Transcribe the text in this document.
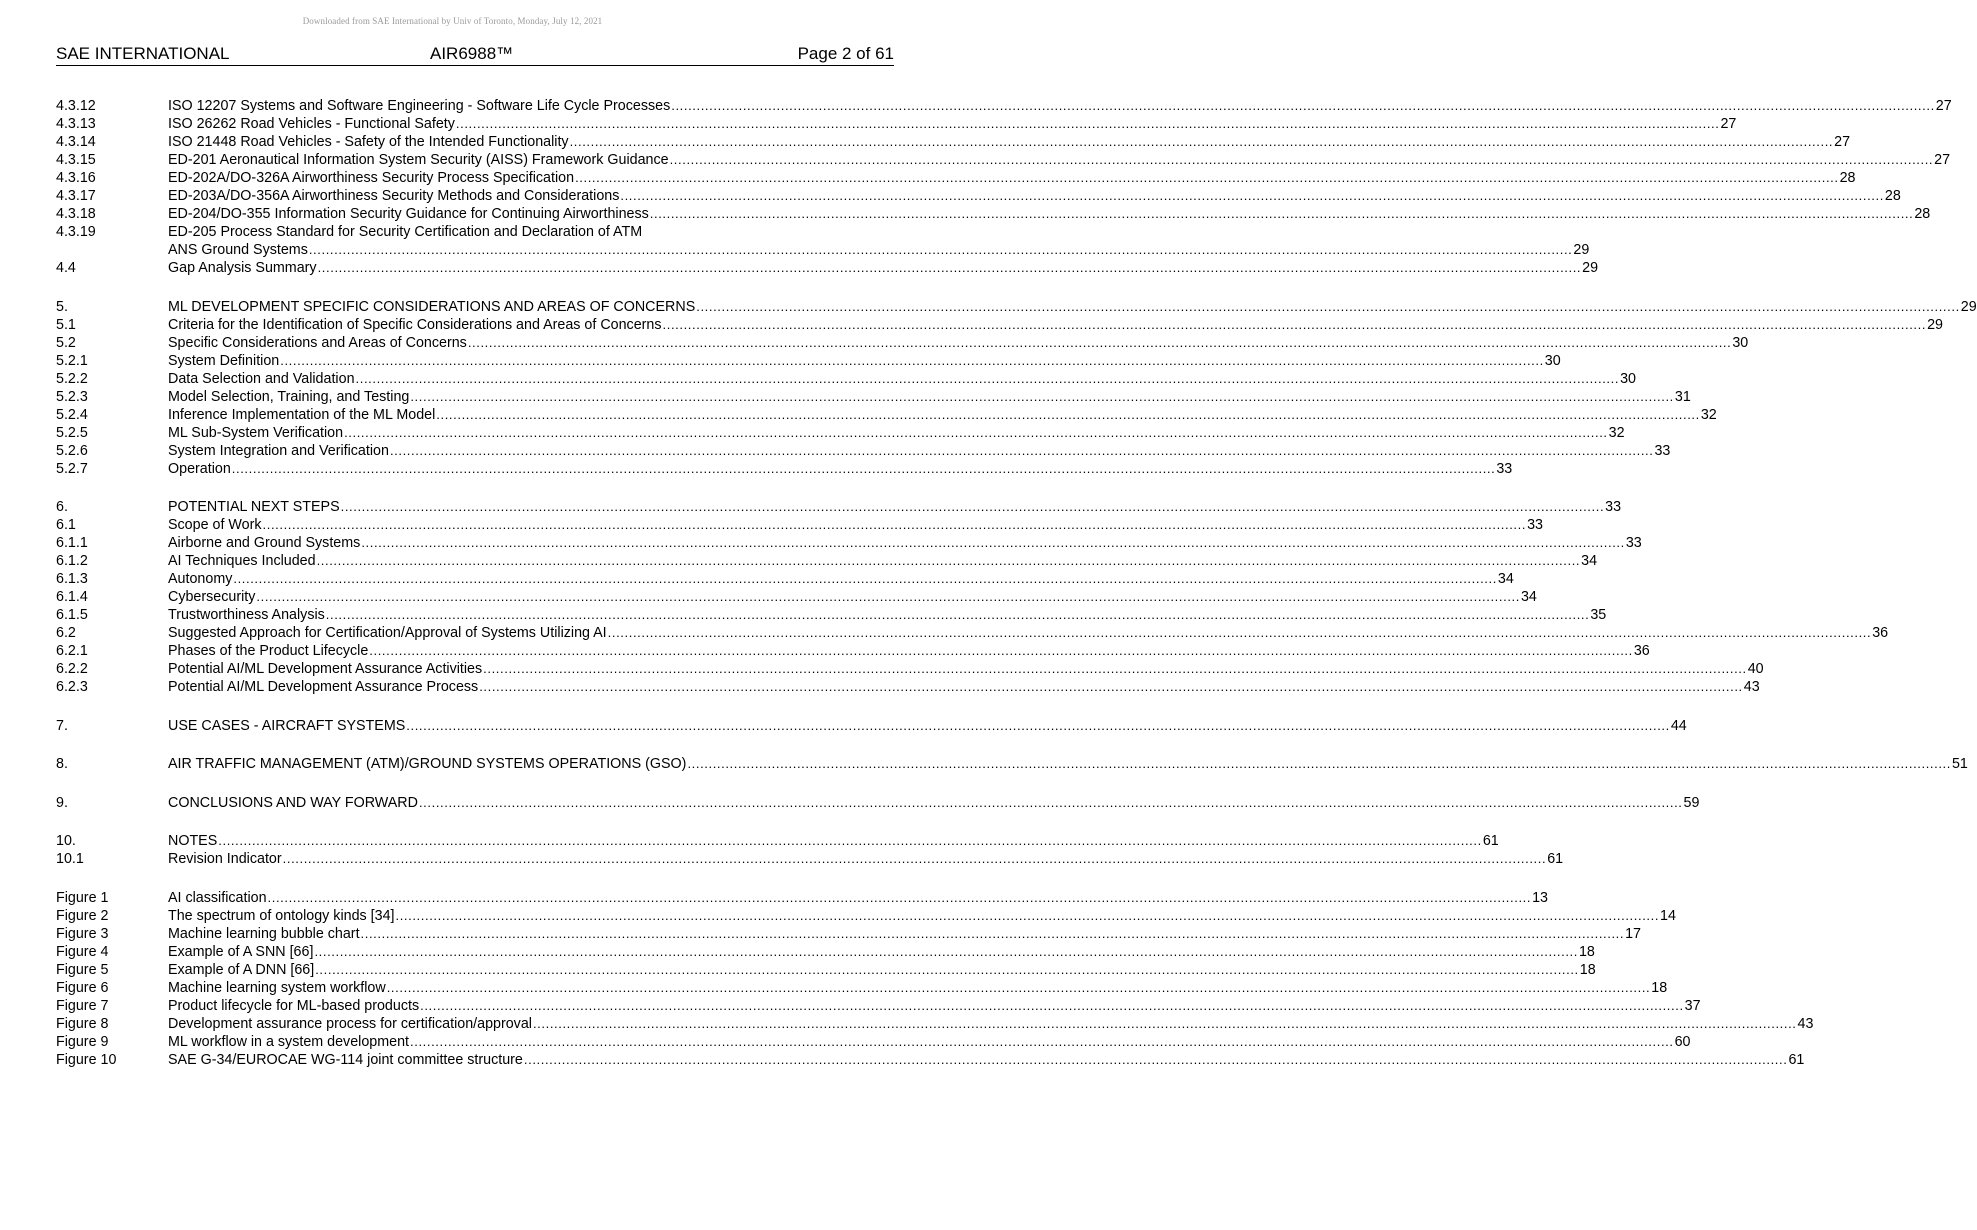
Downloaded from SAE International by Univ of Toronto, Monday, July 12, 2021
SAE INTERNATIONAL	AIR6988™	Page 2 of 61
4.3.12	ISO 12207 Systems and Software Engineering - Software Life Cycle Processes ............................................................................................................................................................................................................................................................................................................ 27
4.3.13	ISO 26262 Road Vehicles - Functional Safety ............................................................................................................................................................................................................................................................................................................ 27
4.3.14	ISO 21448 Road Vehicles - Safety of the Intended Functionality ............................................................................................................................................................................................................................................................................................................ 27
4.3.15	ED-201 Aeronautical Information System Security (AISS) Framework Guidance ............................................................................................................................................................................................................................................................................................................ 27
4.3.16	ED-202A/DO-326A Airworthiness Security Process Specification ............................................................................................................................................................................................................................................................................................................ 28
4.3.17	ED-203A/DO-356A Airworthiness Security Methods and Considerations ............................................................................................................................................................................................................................................................................................................ 28
4.3.18	ED-204/DO-355 Information Security Guidance for Continuing Airworthiness ............................................................................................................................................................................................................................................................................................................ 28
4.3.19	ED-205 Process Standard for Security Certification and Declaration of ATM
ANS Ground Systems ............................................................................................................................................................................................................................................................................................................ 29
4.4	Gap Analysis Summary ............................................................................................................................................................................................................................................................................................................ 29
5.	ML DEVELOPMENT SPECIFIC CONSIDERATIONS AND AREAS OF CONCERNS ............................................................................................................................................................................................................................................................................................................ 29
5.1	Criteria for the Identification of Specific Considerations and Areas of Concerns ............................................................................................................................................................................................................................................................................................................ 29
5.2	Specific Considerations and Areas of Concerns ............................................................................................................................................................................................................................................................................................................ 30
5.2.1	System Definition ............................................................................................................................................................................................................................................................................................................ 30
5.2.2	Data Selection and Validation ............................................................................................................................................................................................................................................................................................................ 30
5.2.3	Model Selection, Training, and Testing ............................................................................................................................................................................................................................................................................................................ 31
5.2.4	Inference Implementation of the ML Model ............................................................................................................................................................................................................................................................................................................ 32
5.2.5	ML Sub-System Verification ............................................................................................................................................................................................................................................................................................................ 32
5.2.6	System Integration and Verification ............................................................................................................................................................................................................................................................................................................ 33
5.2.7	Operation ............................................................................................................................................................................................................................................................................................................ 33
6.	POTENTIAL NEXT STEPS ............................................................................................................................................................................................................................................................................................................ 33
6.1	Scope of Work ............................................................................................................................................................................................................................................................................................................ 33
6.1.1	Airborne and Ground Systems ............................................................................................................................................................................................................................................................................................................ 33
6.1.2	AI Techniques Included ............................................................................................................................................................................................................................................................................................................ 34
6.1.3	Autonomy ............................................................................................................................................................................................................................................................................................................ 34
6.1.4	Cybersecurity ............................................................................................................................................................................................................................................................................................................ 34
6.1.5	Trustworthiness Analysis ............................................................................................................................................................................................................................................................................................................ 35
6.2	Suggested Approach for Certification/Approval of Systems Utilizing AI ............................................................................................................................................................................................................................................................................................................ 36
6.2.1	Phases of the Product Lifecycle ............................................................................................................................................................................................................................................................................................................ 36
6.2.2	Potential AI/ML Development Assurance Activities ............................................................................................................................................................................................................................................................................................................ 40
6.2.3	Potential AI/ML Development Assurance Process ............................................................................................................................................................................................................................................................................................................ 43
7.	USE CASES - AIRCRAFT SYSTEMS ............................................................................................................................................................................................................................................................................................................ 44
8.	AIR TRAFFIC MANAGEMENT (ATM)/GROUND SYSTEMS OPERATIONS (GSO) ............................................................................................................................................................................................................................................................................................................ 51
9.	CONCLUSIONS AND WAY FORWARD ............................................................................................................................................................................................................................................................................................................ 59
10.	NOTES ............................................................................................................................................................................................................................................................................................................ 61
10.1	Revision Indicator ............................................................................................................................................................................................................................................................................................................ 61
Figure 1	AI classification ............................................................................................................................................................................................................................................................................................................ 13
Figure 2	The spectrum of ontology kinds [34] ............................................................................................................................................................................................................................................................................................................ 14
Figure 3	Machine learning bubble chart ............................................................................................................................................................................................................................................................................................................ 17
Figure 4	Example of A SNN [66] ............................................................................................................................................................................................................................................................................................................ 18
Figure 5	Example of A DNN [66] ............................................................................................................................................................................................................................................................................................................ 18
Figure 6	Machine learning system workflow ............................................................................................................................................................................................................................................................................................................ 18
Figure 7	Product lifecycle for ML-based products ............................................................................................................................................................................................................................................................................................................ 37
Figure 8	Development assurance process for certification/approval ............................................................................................................................................................................................................................................................................................................ 43
Figure 9	ML workflow in a system development ............................................................................................................................................................................................................................................................................................................ 60
Figure 10	SAE G-34/EUROCAE WG-114 joint committee structure ............................................................................................................................................................................................................................................................................................................ 61
